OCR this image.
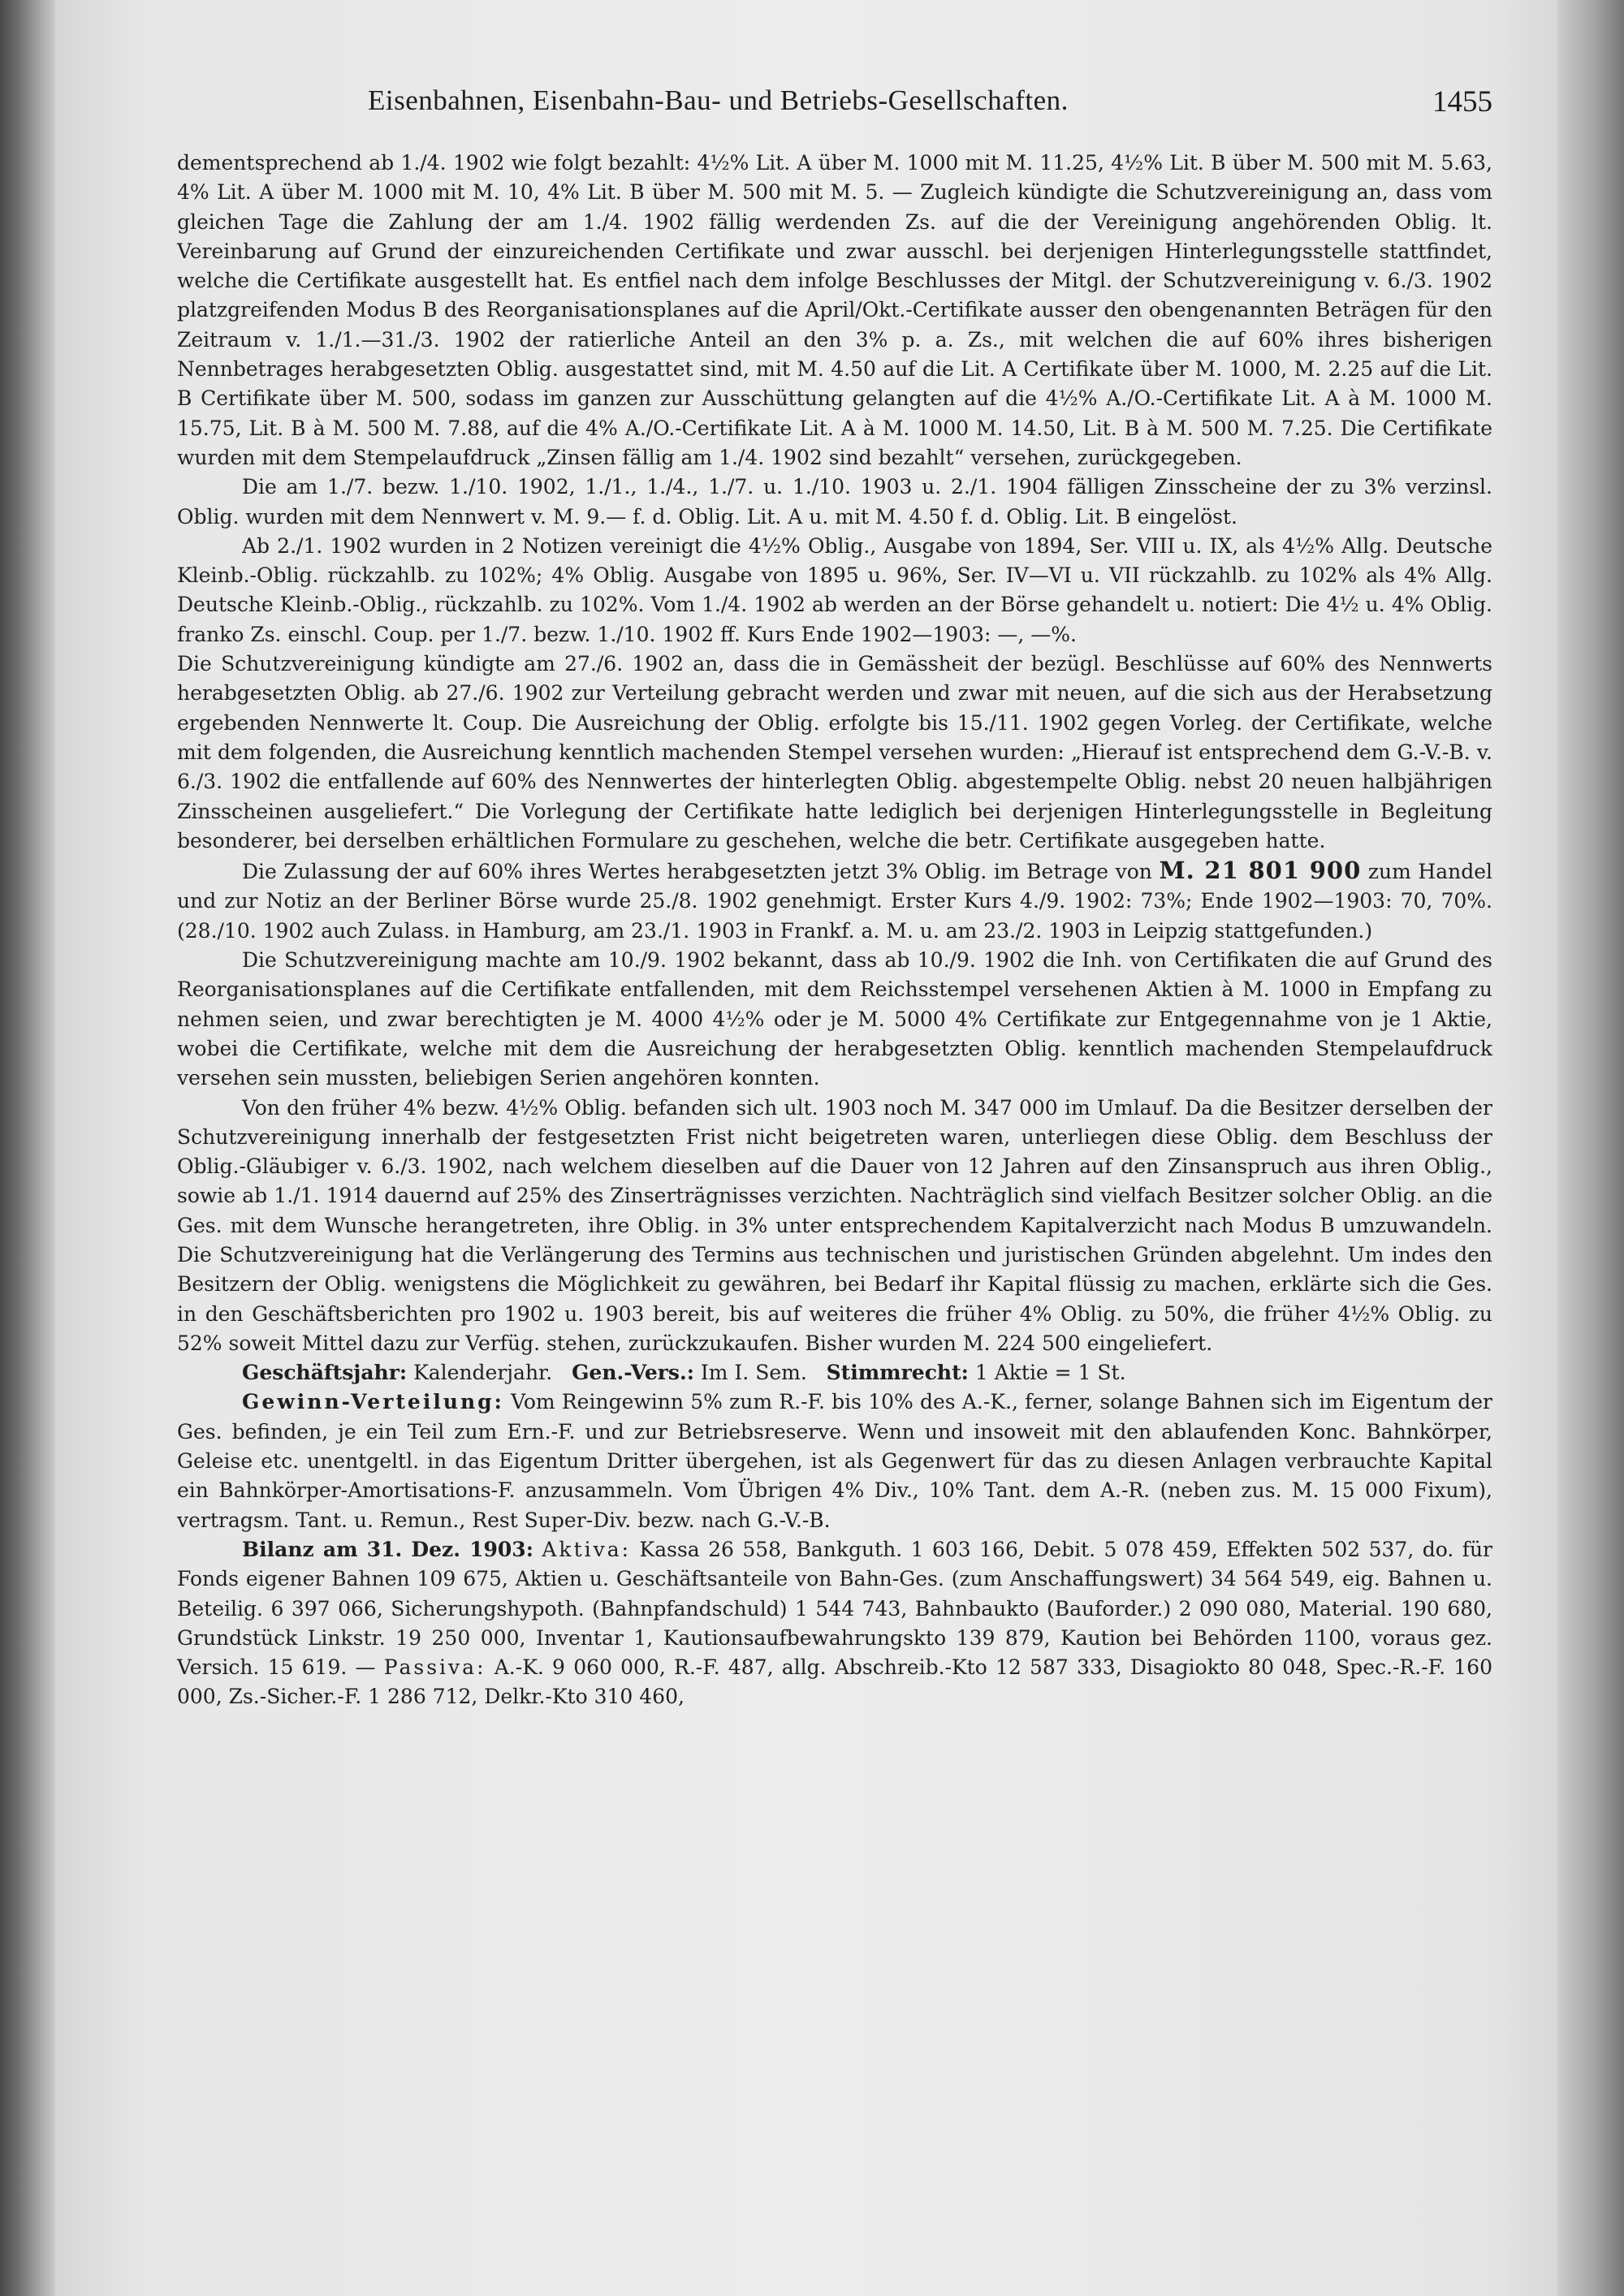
Eisenbahnen, Eisenbahn-Bau- und Betriebs-Gesellschaften.	1455

dementsprechend ab 1./4. 1902 wie folgt bezahlt: 4½% Lit. A über M. 1000 mit M. 11.25, 4½% Lit. B über M. 500 mit M. 5.63, 4% Lit. A über M. 1000 mit M. 10, 4% Lit. B über M. 500 mit M. 5. — Zugleich kündigte die Schutzvereinigung an, dass vom gleichen Tage die Zahlung der am 1./4. 1902 fällig werdenden Zs. auf die der Vereinigung angehörenden Oblig. lt. Vereinbarung auf Grund der einzureichenden Certifikate und zwar ausschl. bei derjenigen Hinterlegungsstelle stattfindet, welche die Certifikate ausgestellt hat. Es entfiel nach dem infolge Beschlusses der Mitgl. der Schutzvereinigung v. 6./3. 1902 platzgreifenden Modus B des Reorganisationsplanes auf die April/Okt.-Certifikate ausser den obengenannten Beträgen für den Zeitraum v. 1./1.—31./3. 1902 der ratierliche Anteil an den 3% p. a. Zs., mit welchen die auf 60% ihres bisherigen Nennbetrages herabgesetzten Oblig. ausgestattet sind, mit M. 4.50 auf die Lit. A Certifikate über M. 1000, M. 2.25 auf die Lit. B Certifikate über M. 500, sodass im ganzen zur Ausschüttung gelangten auf die 4½% A./O.-Certifikate Lit. A à M. 1000 M. 15.75, Lit. B à M. 500 M. 7.88, auf die 4% A./O.-Certifikate Lit. A à M. 1000 M. 14.50, Lit. B à M. 500 M. 7.25. Die Certifikate wurden mit dem Stempelaufdruck „Zinsen fällig am 1./4. 1902 sind bezahlt“ versehen, zurückgegeben.

Die am 1./7. bezw. 1./10. 1902, 1./1., 1./4., 1./7. u. 1./10. 1903 u. 2./1. 1904 fälligen Zinsscheine der zu 3% verzinsl. Oblig. wurden mit dem Nennwert v. M. 9.— f. d. Oblig. Lit. A u. mit M. 4.50 f. d. Oblig. Lit. B eingelöst.

Ab 2./1. 1902 wurden in 2 Notizen vereinigt die 4½% Oblig., Ausgabe von 1894, Ser. VIII u. IX, als 4½% Allg. Deutsche Kleinb.-Oblig. rückzahlb. zu 102%; 4% Oblig. Ausgabe von 1895 u. 96%, Ser. IV—VI u. VII rückzahlb. zu 102% als 4% Allg. Deutsche Kleinb.-Oblig., rückzahlb. zu 102%. Vom 1./4. 1902 ab werden an der Börse gehandelt u. notiert: Die 4½ u. 4% Oblig. franko Zs. einschl. Coup. per 1./7. bezw. 1./10. 1902 ff. Kurs Ende 1902—1903: —, —%.

Die Schutzvereinigung kündigte am 27./6. 1902 an, dass die in Gemässheit der bezügl. Beschlüsse auf 60% des Nennwerts herabgesetzten Oblig. ab 27./6. 1902 zur Verteilung gebracht werden und zwar mit neuen, auf die sich aus der Herabsetzung ergebenden Nennwerte lt. Coup. Die Ausreichung der Oblig. erfolgte bis 15./11. 1902 gegen Vorleg. der Certifikate, welche mit dem folgenden, die Ausreichung kenntlich machenden Stempel versehen wurden: „Hierauf ist entsprechend dem G.-V.-B. v. 6./3. 1902 die entfallende auf 60% des Nennwertes der hinterlegten Oblig. abgestempelte Oblig. nebst 20 neuen halbjährigen Zinsscheinen ausgeliefert.“ Die Vorlegung der Certifikate hatte lediglich bei derjenigen Hinterlegungsstelle in Begleitung besonderer, bei derselben erhältlichen Formulare zu geschehen, welche die betr. Certifikate ausgegeben hatte.

Die Zulassung der auf 60% ihres Wertes herabgesetzten jetzt 3% Oblig. im Betrage von M. 21 801 900 zum Handel und zur Notiz an der Berliner Börse wurde 25./8. 1902 genehmigt. Erster Kurs 4./9. 1902: 73%; Ende 1902—1903: 70, 70%. (28./10. 1902 auch Zulass. in Hamburg, am 23./1. 1903 in Frankf. a. M. u. am 23./2. 1903 in Leipzig stattgefunden.)

Die Schutzvereinigung machte am 10./9. 1902 bekannt, dass ab 10./9. 1902 die Inh. von Certifikaten die auf Grund des Reorganisationsplanes auf die Certifikate entfallenden, mit dem Reichsstempel versehenen Aktien à M. 1000 in Empfang zu nehmen seien, und zwar berechtigten je M. 4000 4½% oder je M. 5000 4% Certifikate zur Entgegennahme von je 1 Aktie, wobei die Certifikate, welche mit dem die Ausreichung der herabgesetzten Oblig. kenntlich machenden Stempelaufdruck versehen sein mussten, beliebigen Serien angehören konnten.

Von den früher 4% bezw. 4½% Oblig. befanden sich ult. 1903 noch M. 347 000 im Umlauf. Da die Besitzer derselben der Schutzvereinigung innerhalb der festgesetzten Frist nicht beigetreten waren, unterliegen diese Oblig. dem Beschluss der Oblig.-Gläubiger v. 6./3. 1902, nach welchem dieselben auf die Dauer von 12 Jahren auf den Zinsanspruch aus ihren Oblig., sowie ab 1./1. 1914 dauernd auf 25% des Zinserträgnisses verzichten. Nachträglich sind vielfach Besitzer solcher Oblig. an die Ges. mit dem Wunsche herangetreten, ihre Oblig. in 3% unter entsprechendem Kapitalverzicht nach Modus B umzuwandeln. Die Schutzvereinigung hat die Verlängerung des Termins aus technischen und juristischen Gründen abgelehnt. Um indes den Besitzern der Oblig. wenigstens die Möglichkeit zu gewähren, bei Bedarf ihr Kapital flüssig zu machen, erklärte sich die Ges. in den Geschäftsberichten pro 1902 u. 1903 bereit, bis auf weiteres die früher 4% Oblig. zu 50%, die früher 4½% Oblig. zu 52% soweit Mittel dazu zur Verfüg. stehen, zurückzukaufen. Bisher wurden M. 224 500 eingeliefert.

Geschäftsjahr: Kalenderjahr. Gen.-Vers.: Im I. Sem. Stimmrecht: 1 Aktie = 1 St.

Gewinn-Verteilung: Vom Reingewinn 5% zum R.-F. bis 10% des A.-K., ferner, solange Bahnen sich im Eigentum der Ges. befinden, je ein Teil zum Ern.-F. und zur Betriebsreserve. Wenn und insoweit mit den ablaufenden Konc. Bahnkörper, Geleise etc. unentgeltl. in das Eigentum Dritter übergehen, ist als Gegenwert für das zu diesen Anlagen verbrauchte Kapital ein Bahnkörper-Amortisations-F. anzusammeln. Vom Übrigen 4% Div., 10% Tant. dem A.-R. (neben zus. M. 15 000 Fixum), vertragsm. Tant. u. Remun., Rest Super-Div. bezw. nach G.-V.-B.

Bilanz am 31. Dez. 1903: Aktiva: Kassa 26 558, Bankguth. 1 603 166, Debit. 5 078 459, Effekten 502 537, do. für Fonds eigener Bahnen 109 675, Aktien u. Geschäftsanteile von Bahn-Ges. (zum Anschaffungswert) 34 564 549, eig. Bahnen u. Beteilig. 6 397 066, Sicherungshypoth. (Bahnpfandschuld) 1 544 743, Bahnbaukto (Bauforder.) 2 090 080, Material. 190 680, Grundstück Linkstr. 19 250 000, Inventar 1, Kautionsaufbewahrungskto 139 879, Kaution bei Behörden 1100, voraus gez. Versich. 15 619. — Passiva: A.-K. 9 060 000, R.-F. 487, allg. Abschreib.-Kto 12 587 333, Disagiokto 80 048, Spec.-R.-F. 160 000, Zs.-Sicher.-F. 1 286 712, Delkr.-Kto 310 460,
